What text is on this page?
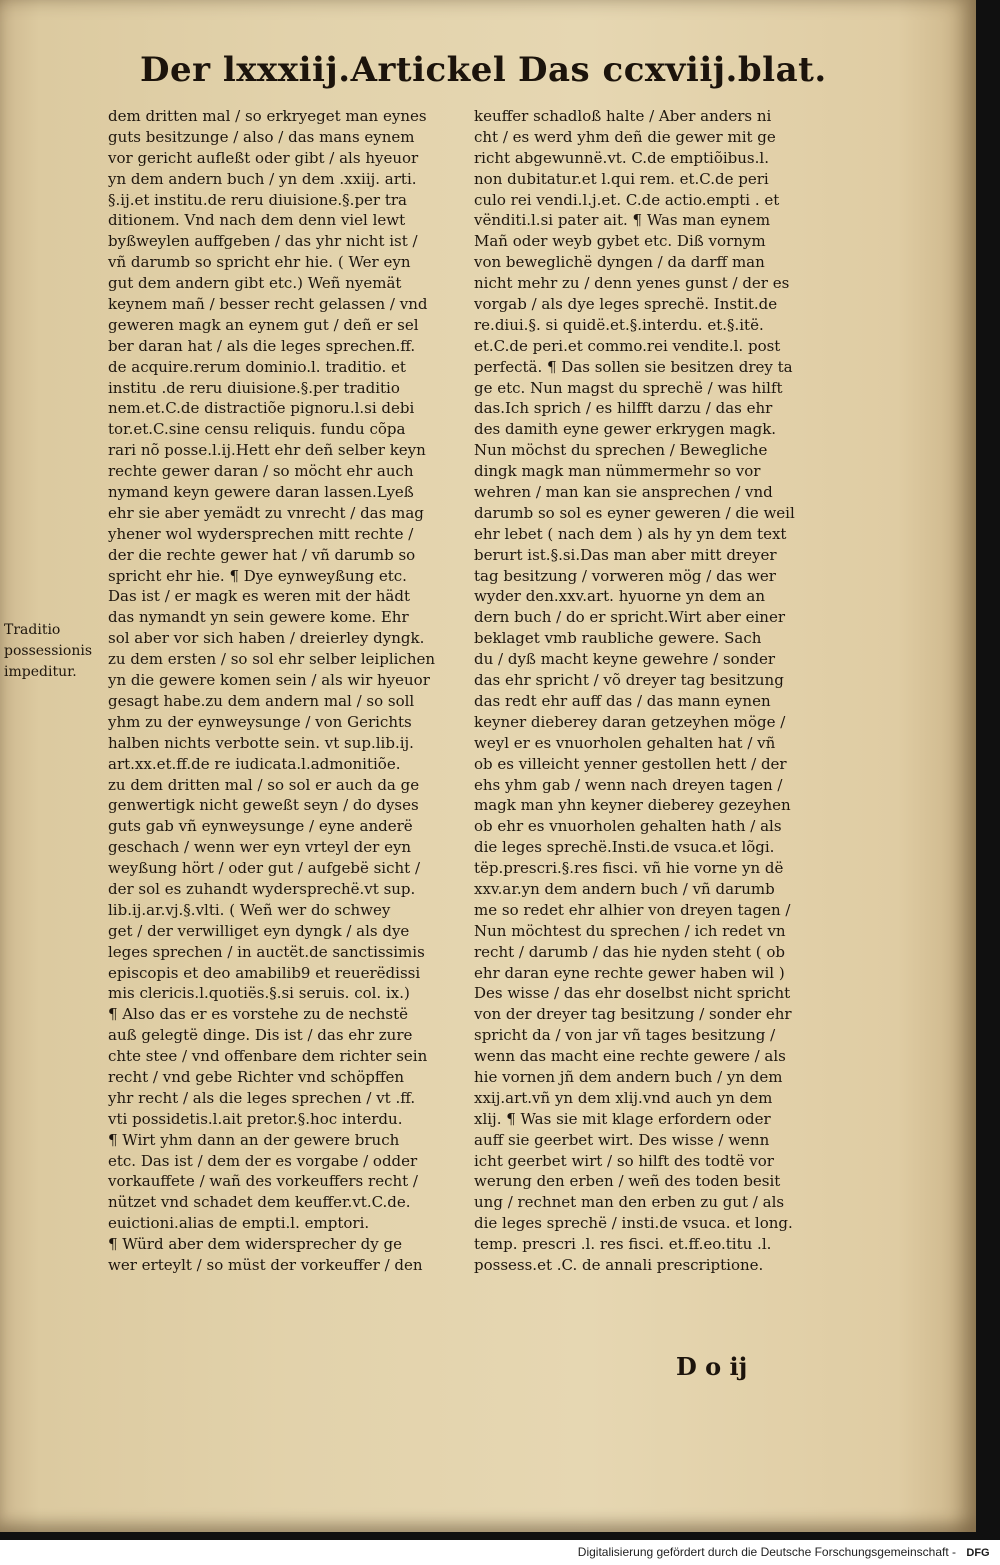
Der lxxxiij.Artickel Das ccxviij.blat.
Traditio
possessionis
impeditur.
dem dritten mal / so erkryeget man eynes
guts besitzunge / also / das mans eynem
vor gericht aufleßt oder gibt / als hyeuor
yn dem andern buch / yn dem .xxiij. arti.
§.ij.et institu.de reru diuisione.§.per tra
ditionem. Vnd nach dem denn viel lewt
byßweylen auffgeben / das yhr nicht ist /
vñ darumb so spricht ehr hie. ( Wer eyn
gut dem andern gibt etc.) Weñ nyemät
keynem mañ / besser recht gelassen / vnd
geweren magk an eynem gut / deñ er sel
ber daran hat / als die leges sprechen.ff.
de acquire.rerum dominio.l. traditio. et
institu .de reru diuisione.§.per traditio
nem.et.C.de distractiõe pignoru.l.si debi
tor.et.C.sine censu reliquis. fundu cõpa
rari nõ posse.l.ij.Hett ehr deñ selber keyn
rechte gewer daran / so möcht ehr auch
nymand keyn gewere daran lassen.Lyeß
ehr sie aber yemädt zu vnrecht / das mag
yhener wol wydersprechen mitt rechte /
der die rechte gewer hat / vñ darumb so
spricht ehr hie. ¶ Dye eynweyßung etc.
Das ist / er magk es weren mit der hädt
das nymandt yn sein gewere kome. Ehr
sol aber vor sich haben / dreierley dyngk.
zu dem ersten / so sol ehr selber leiplichen
yn die gewere komen sein / als wir hyeuor
gesagt habe.zu dem andern mal / so soll
yhm zu der eynweysunge / von Gerichts
halben nichts verbotte sein. vt sup.lib.ij.
art.xx.et.ff.de re iudicata.l.admonitiõe.
zu dem dritten mal / so sol er auch da ge
genwertigk nicht geweßt seyn / do dyses
guts gab vñ eynweysunge / eyne anderë
geschach / wenn wer eyn vrteyl der eyn
weyßung hört / oder gut / aufgebë sicht /
der sol es zuhandt wydersprechë.vt sup.
lib.ij.ar.vj.§.vlti. ( Weñ wer do schwey
get / der verwilliget eyn dyngk / als dye
leges sprechen / in auctët.de sanctissimis
episcopis et deo amabilib9 et reuerëdissi
mis clericis.l.quotiës.§.si seruis. col. ix.)
¶ Also das er es vorstehe zu de nechstë
auß gelegtë dinge. Dis ist / das ehr zure
chte stee / vnd offenbare dem richter sein
recht / vnd gebe Richter vnd schöpffen
yhr recht / als die leges sprechen / vt .ff.
vti possidetis.l.ait pretor.§.hoc interdu.
¶ Wirt yhm dann an der gewere bruch
etc. Das ist / dem der es vorgabe / odder
vorkauffete / wañ des vorkeuffers recht /
nützet vnd schadet dem keuffer.vt.C.de.
euictioni.alias de empti.l. emptori.
¶ Würd aber dem widersprecher dy ge
wer erteylt / so müst der vorkeuffer / den
keuffer schadloß halte / Aber anders ni
cht / es werd yhm deñ die gewer mit ge
richt abgewunnë.vt. C.de emptiõibus.l.
non dubitatur.et l.qui rem. et.C.de peri
culo rei vendi.l.j.et. C.de actio.empti . et
vënditi.l.si pater ait. ¶ Was man eynem
Mañ oder weyb gybet etc. Diß vornym
von beweglichë dyngen / da darff man
nicht mehr zu / denn yenes gunst / der es
vorgab / als dye leges sprechë. Instit.de
re.diui.§. si quidë.et.§.interdu. et.§.itë.
et.C.de peri.et commo.rei vendite.l. post
perfectä. ¶ Das sollen sie besitzen drey ta
ge etc. Nun magst du sprechë / was hilft
das.Ich sprich / es hilfft darzu / das ehr
des damith eyne gewer erkrygen magk.
Nun möchst du sprechen / Bewegliche
dingk magk man nümmermehr so vor
wehren / man kan sie ansprechen / vnd
darumb so sol es eyner geweren / die weil
ehr lebet ( nach dem ) als hy yn dem text
berurt ist.§.si.Das man aber mitt dreyer
tag besitzung / vorweren mög / das wer
wyder den.xxv.art. hyuorne yn dem an
dern buch / do er spricht.Wirt aber einer
beklaget vmb raubliche gewere. Sach
du / dyß macht keyne gewehre / sonder
das ehr spricht / võ dreyer tag besitzung
das redt ehr auff das / das mann eynen
keyner dieberey daran getzeyhen möge /
weyl er es vnuorholen gehalten hat / vñ
ob es villeicht yenner gestollen hett / der
ehs yhm gab / wenn nach dreyen tagen /
magk man yhn keyner dieberey gezeyhen
ob ehr es vnuorholen gehalten hath / als
die leges sprechë.Insti.de vsuca.et lõgi.
tëp.prescri.§.res fisci. vñ hie vorne yn dë
xxv.ar.yn dem andern buch / vñ darumb
me so redet ehr alhier von dreyen tagen /
Nun möchtest du sprechen / ich redet vn
recht / darumb / das hie nyden steht ( ob
ehr daran eyne rechte gewer haben wil )
Des wisse / das ehr doselbst nicht spricht
von der dreyer tag besitzung / sonder ehr
spricht da / von jar vñ tages besitzung /
wenn das macht eine rechte gewere / als
hie vornen jñ dem andern buch / yn dem
xxij.art.vñ yn dem xlij.vnd auch yn dem
xlij. ¶ Was sie mit klage erfordern oder
auff sie geerbet wirt. Des wisse / wenn
icht geerbet wirt / so hilft des todtë vor
werung den erben / weñ des toden besit
ung / rechnet man den erben zu gut / als
die leges sprechë / insti.de vsuca. et long.
temp. prescri .l. res fisci. et.ff.eo.titu .l.
possess.et .C. de annali prescriptione.
D o ij
Digitalisierung gefördert durch die Deutsche Forschungsgemeinschaft - DFG
